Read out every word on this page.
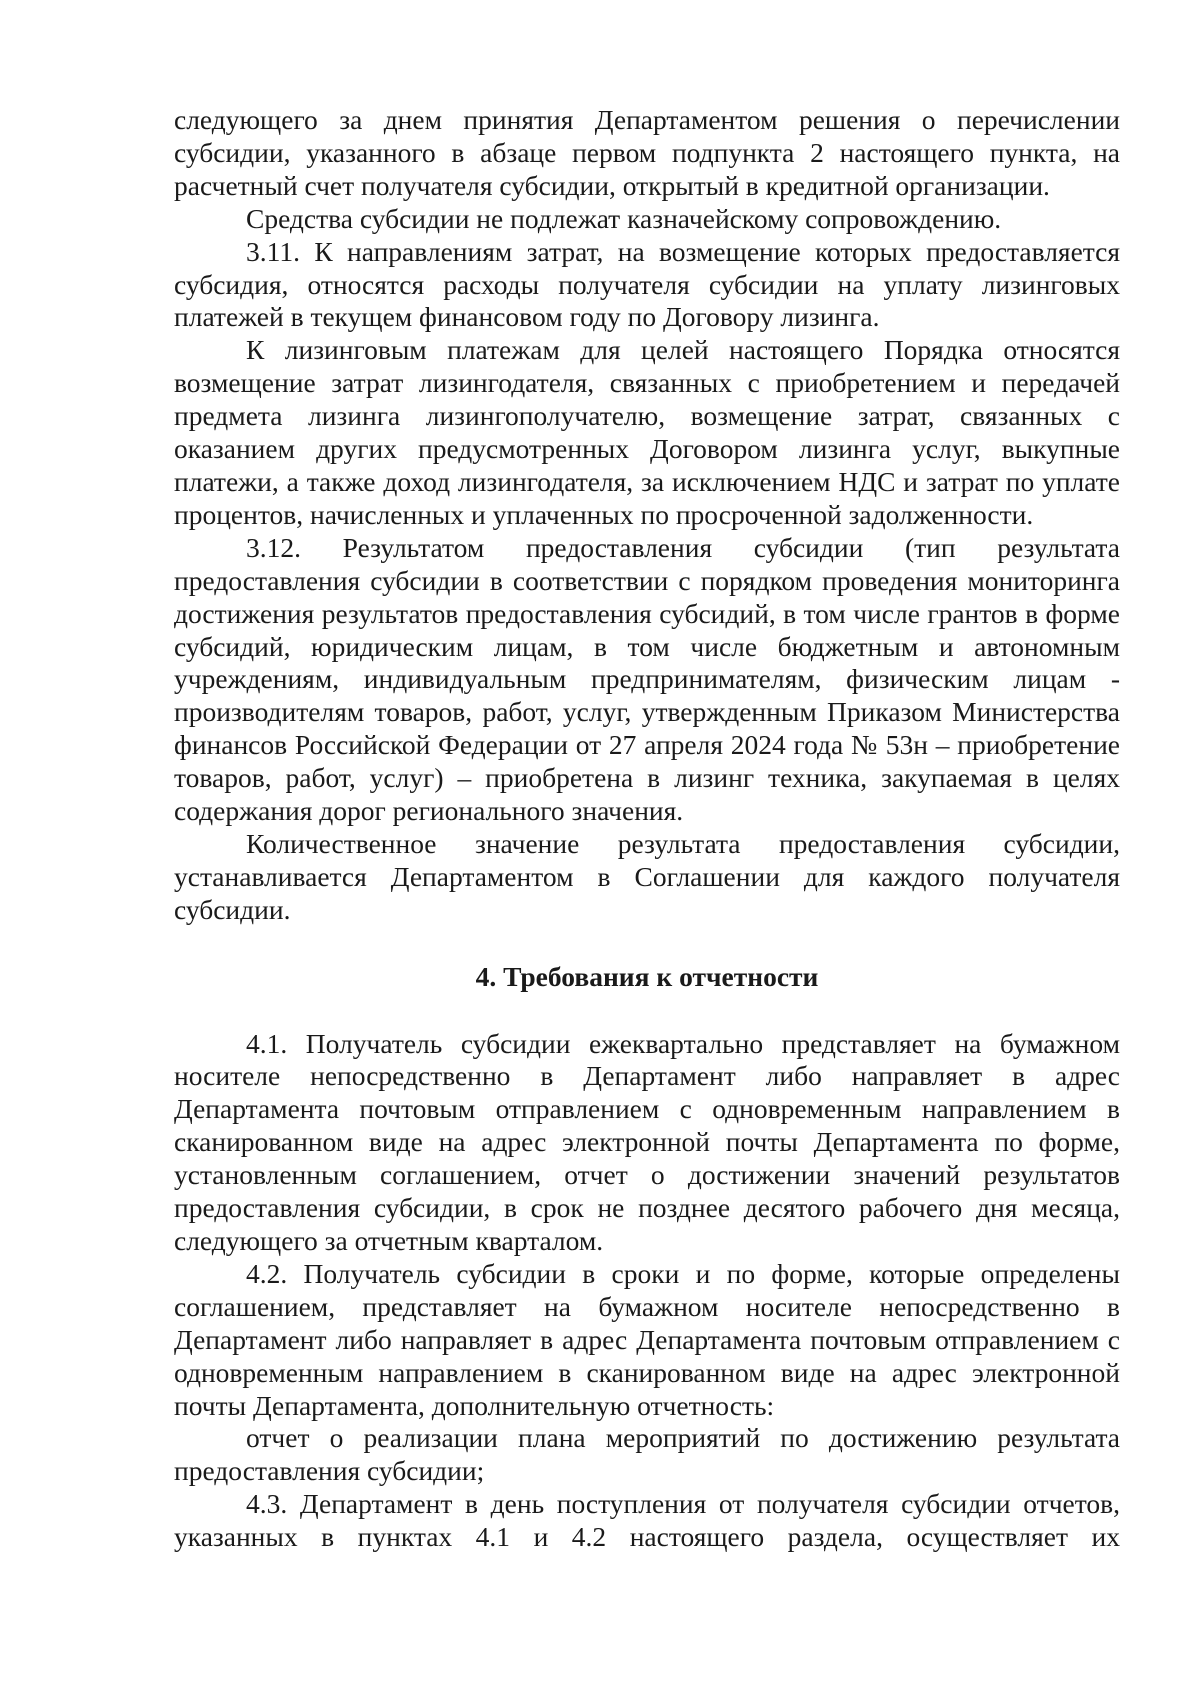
следующего за днем принятия Департаментом решения о перечислении субсидии, указанного в абзаце первом подпункта 2 настоящего пункта, на расчетный счет получателя субсидии, открытый в кредитной организации.

Средства субсидии не подлежат казначейскому сопровождению.

3.11. К направлениям затрат, на возмещение которых предоставляется субсидия, относятся расходы получателя субсидии на уплату лизинговых платежей в текущем финансовом году по Договору лизинга.

К лизинговым платежам для целей настоящего Порядка относятся возмещение затрат лизингодателя, связанных с приобретением и передачей предмета лизинга лизингополучателю, возмещение затрат, связанных с оказанием других предусмотренных Договором лизинга услуг, выкупные платежи, а также доход лизингодателя, за исключением НДС и затрат по уплате процентов, начисленных и уплаченных по просроченной задолженности.

3.12. Результатом предоставления субсидии (тип результата предоставления субсидии в соответствии с порядком проведения мониторинга достижения результатов предоставления субсидий, в том числе грантов в форме субсидий, юридическим лицам, в том числе бюджетным и автономным учреждениям, индивидуальным предпринимателям, физическим лицам - производителям товаров, работ, услуг, утвержденным Приказом Министерства финансов Российской Федерации от 27 апреля 2024 года № 53н – приобретение товаров, работ, услуг) – приобретена в лизинг техника, закупаемая в целях содержания дорог регионального значения.

Количественное значение результата предоставления субсидии, устанавливается Департаментом в Соглашении для каждого получателя субсидии.

4. Требования к отчетности

4.1. Получатель субсидии ежеквартально представляет на бумажном носителе непосредственно в Департамент либо направляет в адрес Департамента почтовым отправлением с одновременным направлением в сканированном виде на адрес электронной почты Департамента по форме, установленным соглашением, отчет о достижении значений результатов предоставления субсидии, в срок не позднее десятого рабочего дня месяца, следующего за отчетным кварталом.

4.2. Получатель субсидии в сроки и по форме, которые определены соглашением, представляет на бумажном носителе непосредственно в Департамент либо направляет в адрес Департамента почтовым отправлением с одновременным направлением в сканированном виде на адрес электронной почты Департамента, дополнительную отчетность:

отчет о реализации плана мероприятий по достижению результата предоставления субсидии;

4.3. Департамент в день поступления от получателя субсидии отчетов, указанных в пунктах 4.1 и 4.2 настоящего раздела, осуществляет их
